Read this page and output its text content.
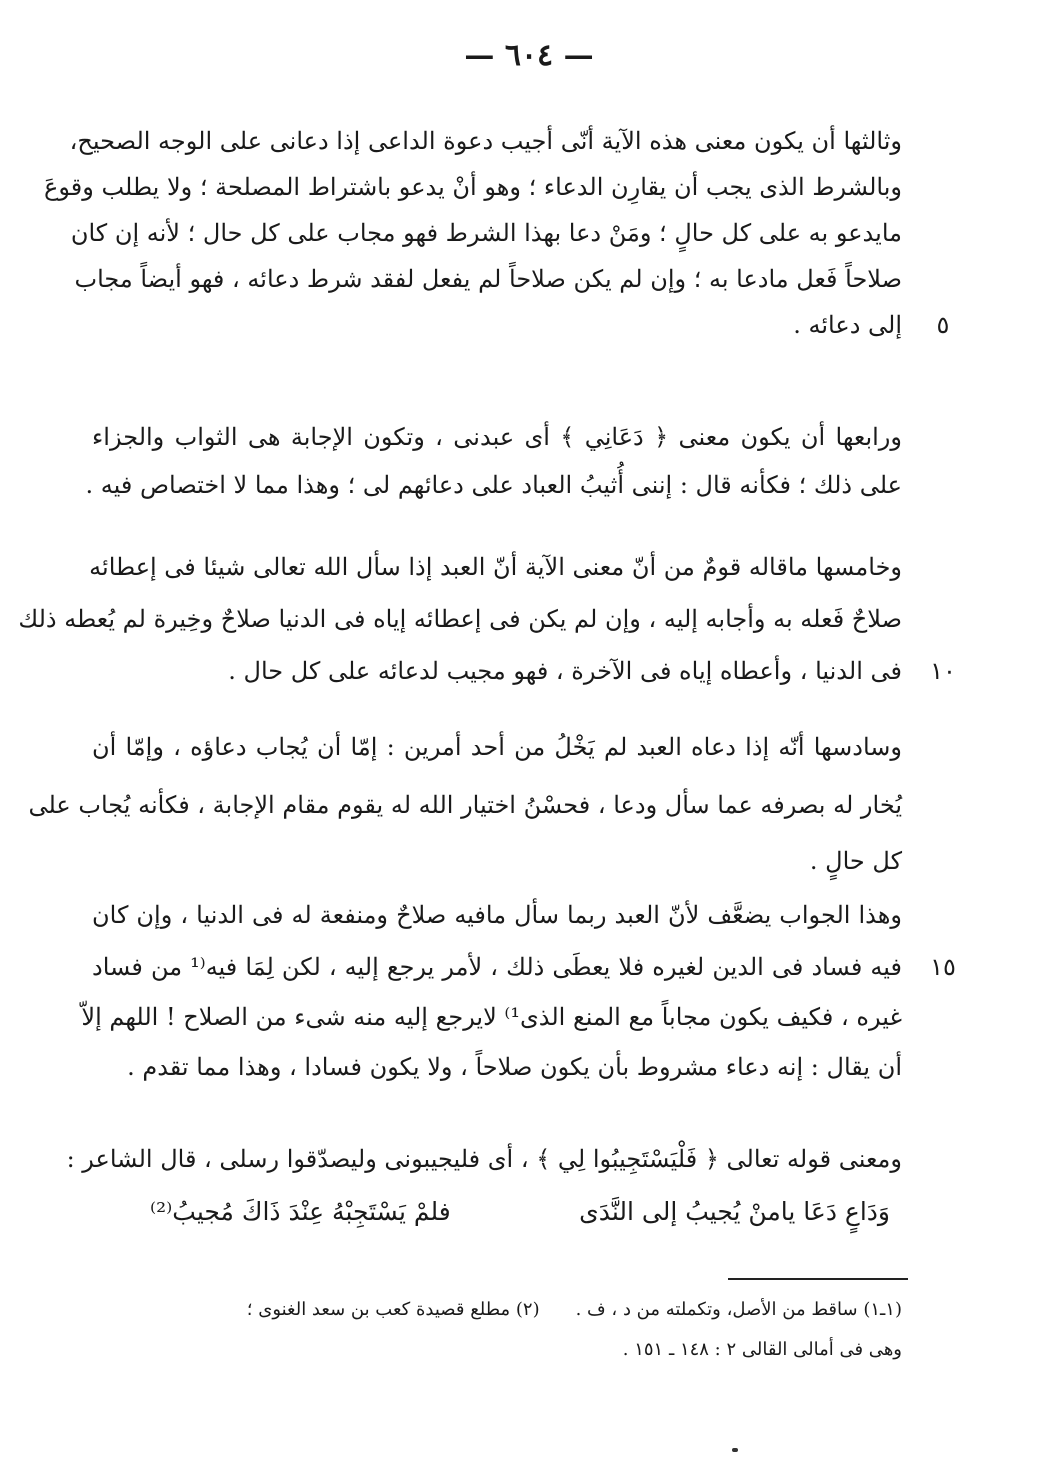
— ٦٠٤ —
وثالثها أن يكون معنى هذه الآية أنّى أجيب دعوة الداعى إذا دعانى على الوجه الصحيح،
وبالشرط الذى يجب أن يقارِن الدعاء ؛ وهو أنْ يدعو باشتراط المصلحة ؛ ولا يطلب وقوعَ
مايدعو به على كل حالٍ ؛ ومَنْ دعا بهذا الشرط فهو مجاب على كل حال ؛ لأنه إن كان
صلاحاً فَعل مادعا به ؛ وإن لم يكن صلاحاً لم يفعل لفقد شرط دعائه ، فهو أيضاً مجاب
إلى دعائه .	٥
ورابعها أن يكون معنى ﴿ دَعَانِي ﴾ أى عبدنى ، وتكون الإجابة هى الثواب والجزاء
على ذلك ؛ فكأنه قال : إننى أُثيبُ العباد على دعائهم لى ؛ وهذا مما لا اختصاص فيه .
وخامسها ماقاله قومٌ من أنّ معنى الآية أنّ العبد إذا سأل الله تعالى شيئا فى إعطائه
صلاحٌ فَعله به وأجابه إليه ، وإن لم يكن فى إعطائه إياه فى الدنيا صلاحٌ وخِيرة لم يُعطه ذلك
فى الدنيا ، وأعطاه إياه فى الآخرة ، فهو مجيب لدعائه على كل حال .	١٠
وسادسها أنّه إذا دعاه العبد لم يَخْلُ من أحد أمرين : إمّا أن يُجاب دعاؤه ، وإمّا أن
يُخار له بصرفه عما سأل ودعا ، فحسْنُ اختيار الله له يقوم مقام الإجابة ، فكأنه يُجاب على
كل حالٍ .
وهذا الجواب يضعَّف لأنّ العبد ربما سأل مافيه صلاحٌ ومنفعة له فى الدنيا ، وإن كان
فيه فساد فى الدين لغيره فلا يعطَى ذلك ، لأمر يرجع إليه ، لكن لِمَا فيه⁽¹ من فساد	١٥
غيره ، فكيف يكون مجاباً مع المنع الذى¹⁾ لايرجع إليه منه شىء من الصلاح ! اللهم إلاّ
أن يقال : إنه دعاء مشروط بأن يكون صلاحاً ، ولا يكون فسادا ، وهذا مما تقدم .
ومعنى قوله تعالى ﴿ فَلْيَسْتَجِيبُوا لِي ﴾ ، أى فليجيبونى وليصدّقوا رسلى ، قال الشاعر :
وَدَاعٍ دَعَا يامنْ يُجيبُ إلى النَّدَى
فلمْ يَسْتَجِبْهُ عِنْدَ ذَاكَ مُجيبُ⁽²⁾
(١ـ١) ساقط من الأصل، وتكملته من د ، ف .(٢) مطلع قصيدة كعب بن سعد الغنوى ؛
وهى فى أمالى القالى ٢ : ١٤٨ ـ ١٥١ .
